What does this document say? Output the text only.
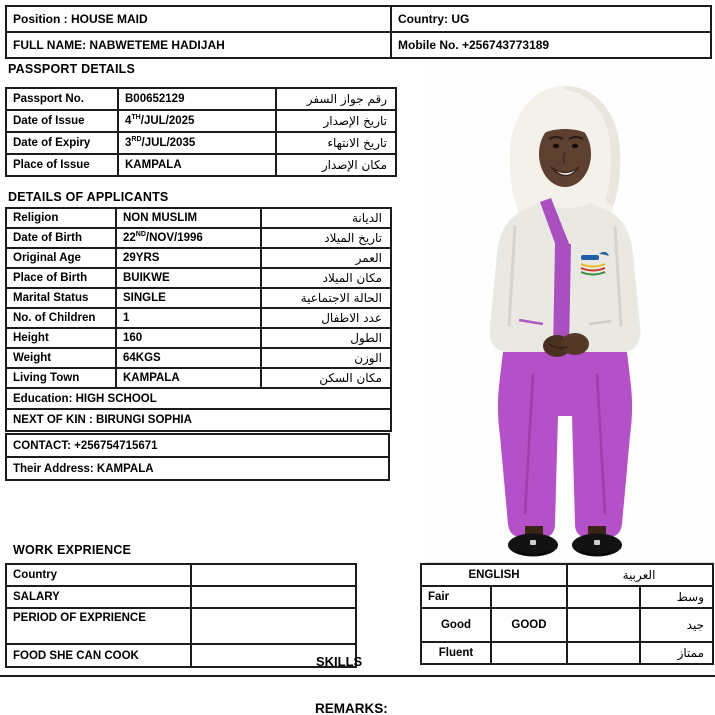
Position : HOUSE MAID	Country: UG
FULL NAME: NABWETEME HADIJAH	Mobile No. +256743773189
PASSPORT DETAILS
Passport No.	B00652129	رقم جواز السفر
Date of Issue	4TH/JUL/2025	تاريخ الإصدار
Date of Expiry	3RD/JUL/2035	تاريخ الانتهاء
Place of Issue	KAMPALA	مكان الإصدار
DETAILS OF APPLICANTS
Religion	NON MUSLIM	الديانة
Date of Birth	22ND/NOV/1996	تاريخ الميلاد
Original Age	29YRS	العمر
Place of Birth	BUIKWE	مكان الميلاد
Marital Status	SINGLE	الحالة الاجتماعية
No. of Children	1	عدد الاطفال
Height	160	الطول
Weight	64KGS	الوزن
Living Town	KAMPALA	مكان السكن
Education: HIGH SCHOOL		
NEXT OF KIN : BIRUNGI SOPHIA		
CONTACT: +256754715671
Their Address: KAMPALA
WORK EXPRIENCE
Country	
SALARY	
PERIOD OF EXPRIENCE	
FOOD SHE CAN COOK	
ENGLISH		العربية	
Fair			وسط
Good	GOOD		جيد
Fluent			ممتاز
SKILLS
REMARKS:
